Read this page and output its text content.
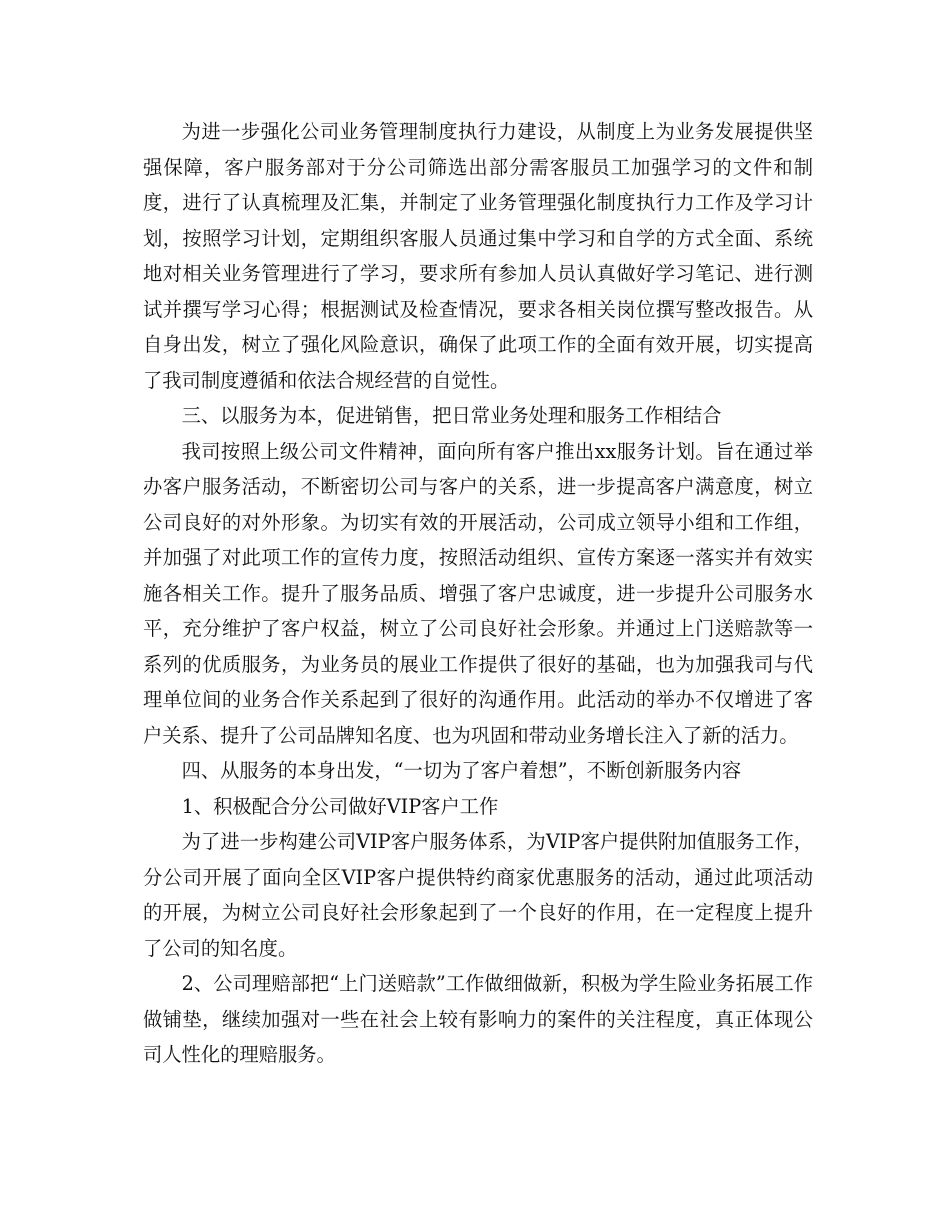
为进一步强化公司业务管理制度执行力建设，从制度上为业务发展提供坚强保障，客户服务部对于分公司筛选出部分需客服员工加强学习的文件和制度，进行了认真梳理及汇集，并制定了业务管理强化制度执行力工作及学习计划，按照学习计划，定期组织客服人员通过集中学习和自学的方式全面、系统地对相关业务管理进行了学习，要求所有参加人员认真做好学习笔记、进行测试并撰写学习心得；根据测试及检查情况，要求各相关岗位撰写整改报告。从自身出发，树立了强化风险意识，确保了此项工作的全面有效开展，切实提高了我司制度遵循和依法合规经营的自觉性。

三、以服务为本，促进销售，把日常业务处理和服务工作相结合

我司按照上级公司文件精神，面向所有客户推出xx服务计划。旨在通过举办客户服务活动，不断密切公司与客户的关系，进一步提高客户满意度，树立公司良好的对外形象。为切实有效的开展活动，公司成立领导小组和工作组，并加强了对此项工作的宣传力度，按照活动组织、宣传方案逐一落实并有效实施各相关工作。提升了服务品质、增强了客户忠诚度，进一步提升公司服务水平，充分维护了客户权益，树立了公司良好社会形象。并通过上门送赔款等一系列的优质服务，为业务员的展业工作提供了很好的基础，也为加强我司与代理单位间的业务合作关系起到了很好的沟通作用。此活动的举办不仅增进了客户关系、提升了公司品牌知名度、也为巩固和带动业务增长注入了新的活力。

四、从服务的本身出发，“一切为了客户着想”，不断创新服务内容

1、积极配合分公司做好VIP客户工作

为了进一步构建公司VIP客户服务体系，为VIP客户提供附加值服务工作，分公司开展了面向全区VIP客户提供特约商家优惠服务的活动，通过此项活动的开展，为树立公司良好社会形象起到了一个良好的作用，在一定程度上提升了公司的知名度。

2、公司理赔部把“上门送赔款”工作做细做新，积极为学生险业务拓展工作做铺垫，继续加强对一些在社会上较有影响力的案件的关注程度，真正体现公司人性化的理赔服务。
